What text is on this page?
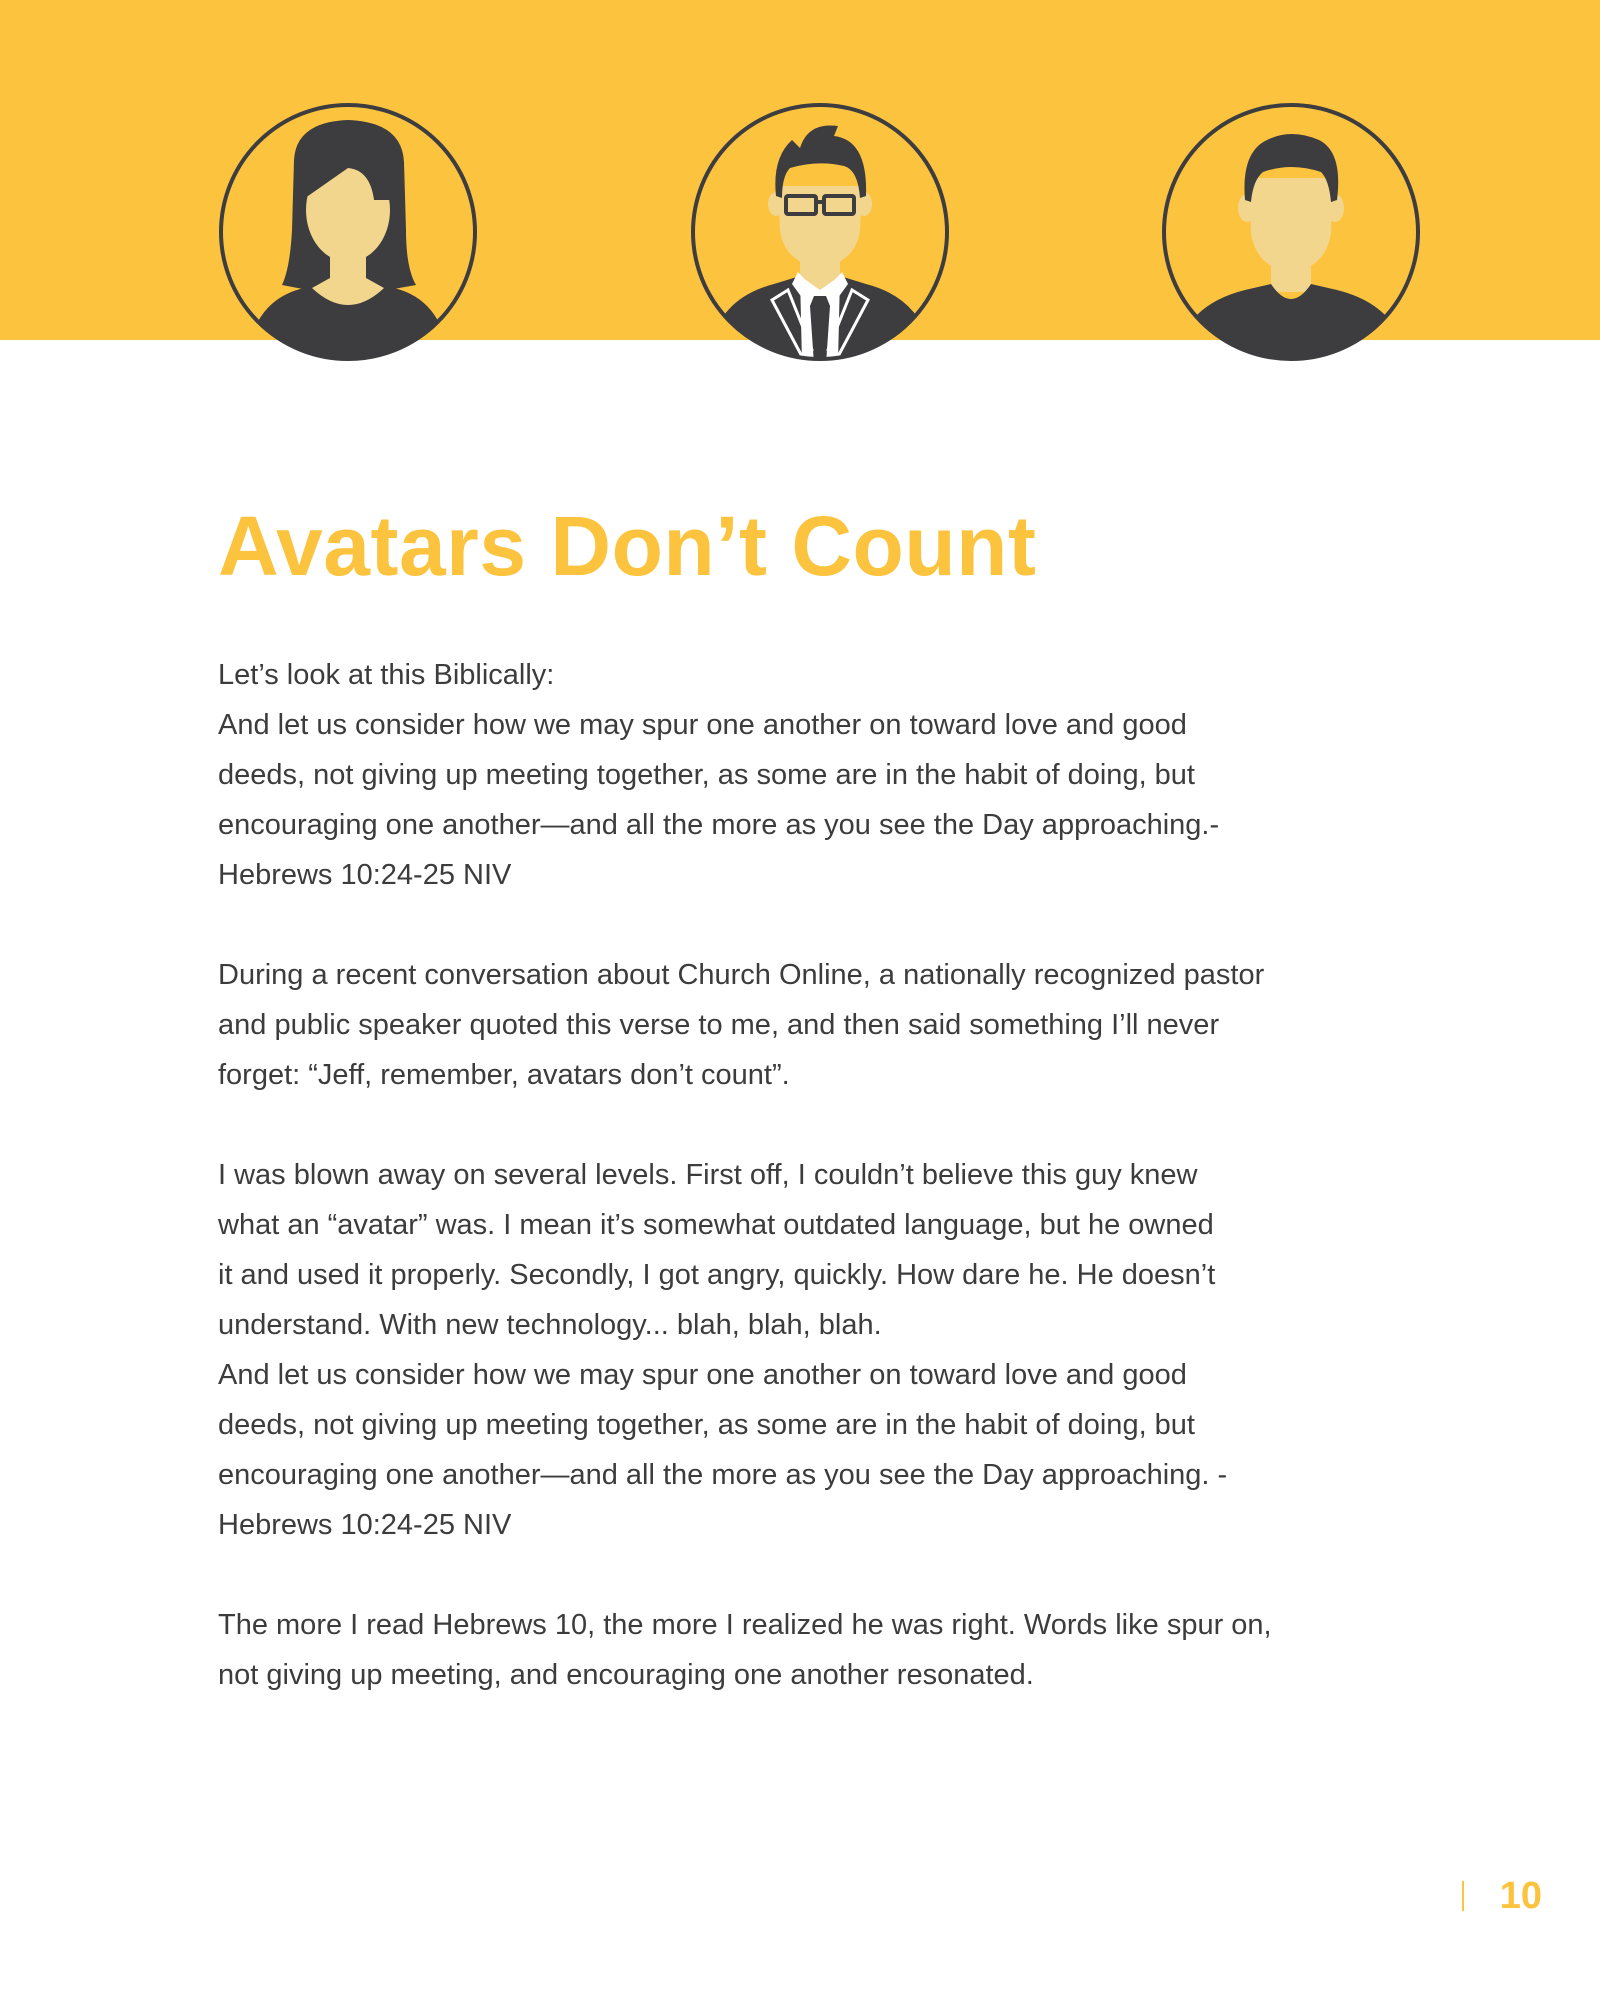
Avatars Don’t Count

Let’s look at this Biblically:
And let us consider how we may spur one another on toward love and good
deeds, not giving up meeting together, as some are in the habit of doing, but
encouraging one another—and all the more as you see the Day approaching.-
Hebrews 10:24-25 NIV

During a recent conversation about Church Online, a nationally recognized pastor
and public speaker quoted this verse to me, and then said something I’ll never
forget: “Jeff, remember, avatars don’t count”.

I was blown away on several levels. First off, I couldn’t believe this guy knew
what an “avatar” was. I mean it’s somewhat outdated language, but he owned
it and used it properly. Secondly, I got angry, quickly. How dare he. He doesn’t
understand. With new technology... blah, blah, blah.
And let us consider how we may spur one another on toward love and good
deeds, not giving up meeting together, as some are in the habit of doing, but
encouraging one another—and all the more as you see the Day approaching. -
Hebrews 10:24-25 NIV

The more I read Hebrews 10, the more I realized he was right. Words like spur on,
not giving up meeting, and encouraging one another resonated.

10
